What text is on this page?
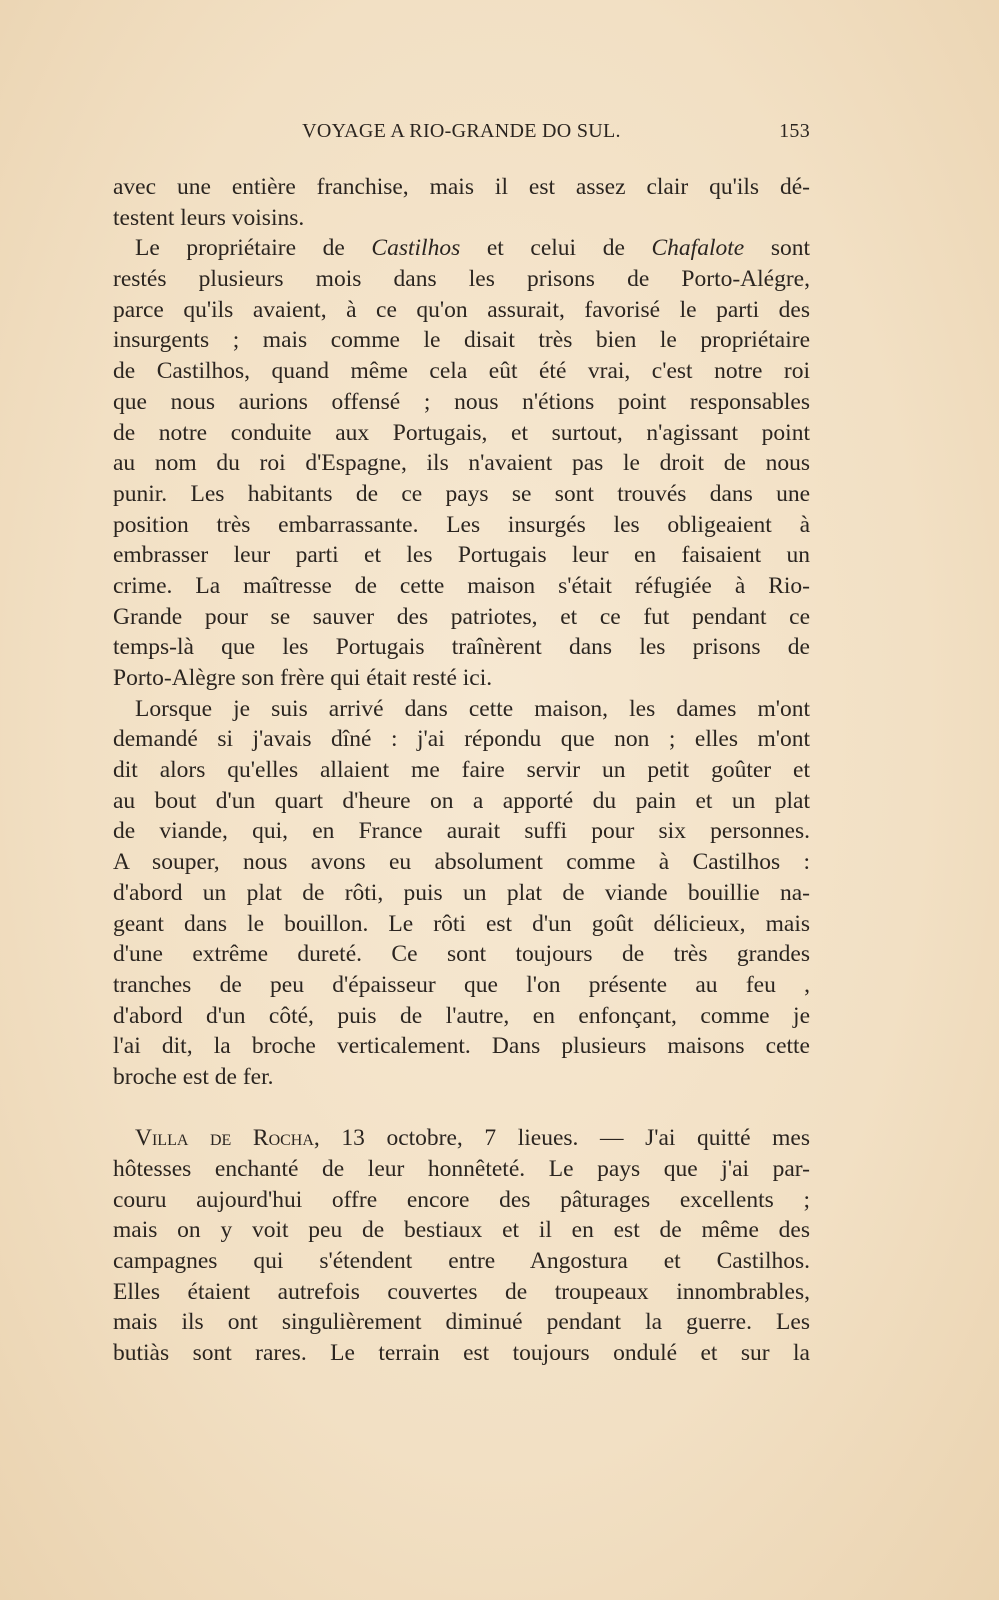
VOYAGE A RIO-GRANDE DO SUL.	153
avec une entière franchise, mais il est assez clair qu'ils dé-
testent leurs voisins.
Le propriétaire de Castilhos et celui de Chafalote sont
restés plusieurs mois dans les prisons de Porto-Alégre,
parce qu'ils avaient, à ce qu'on assurait, favorisé le parti des
insurgents ; mais comme le disait très bien le propriétaire
de Castilhos, quand même cela eût été vrai, c'est notre roi
que nous aurions offensé ; nous n'étions point responsables
de notre conduite aux Portugais, et surtout, n'agissant point
au nom du roi d'Espagne, ils n'avaient pas le droit de nous
punir. Les habitants de ce pays se sont trouvés dans une
position très embarrassante. Les insurgés les obligeaient à
embrasser leur parti et les Portugais leur en faisaient un
crime. La maîtresse de cette maison s'était réfugiée à Rio-
Grande pour se sauver des patriotes, et ce fut pendant ce
temps-là que les Portugais traînèrent dans les prisons de
Porto-Alègre son frère qui était resté ici.
Lorsque je suis arrivé dans cette maison, les dames m'ont
demandé si j'avais dîné : j'ai répondu que non ; elles m'ont
dit alors qu'elles allaient me faire servir un petit goûter et
au bout d'un quart d'heure on a apporté du pain et un plat
de viande, qui, en France aurait suffi pour six personnes.
A souper, nous avons eu absolument comme à Castilhos :
d'abord un plat de rôti, puis un plat de viande bouillie na-
geant dans le bouillon. Le rôti est d'un goût délicieux, mais
d'une extrême dureté. Ce sont toujours de très grandes
tranches de peu d'épaisseur que l'on présente au feu ,
d'abord d'un côté, puis de l'autre, en enfonçant, comme je
l'ai dit, la broche verticalement. Dans plusieurs maisons cette
broche est de fer.
Villa de Rocha, 13 octobre, 7 lieues. — J'ai quitté mes
hôtesses enchanté de leur honnêteté. Le pays que j'ai par-
couru aujourd'hui offre encore des pâturages excellents ;
mais on y voit peu de bestiaux et il en est de même des
campagnes qui s'étendent entre Angostura et Castilhos.
Elles étaient autrefois couvertes de troupeaux innombrables,
mais ils ont singulièrement diminué pendant la guerre. Les
butiàs sont rares. Le terrain est toujours ondulé et sur la
